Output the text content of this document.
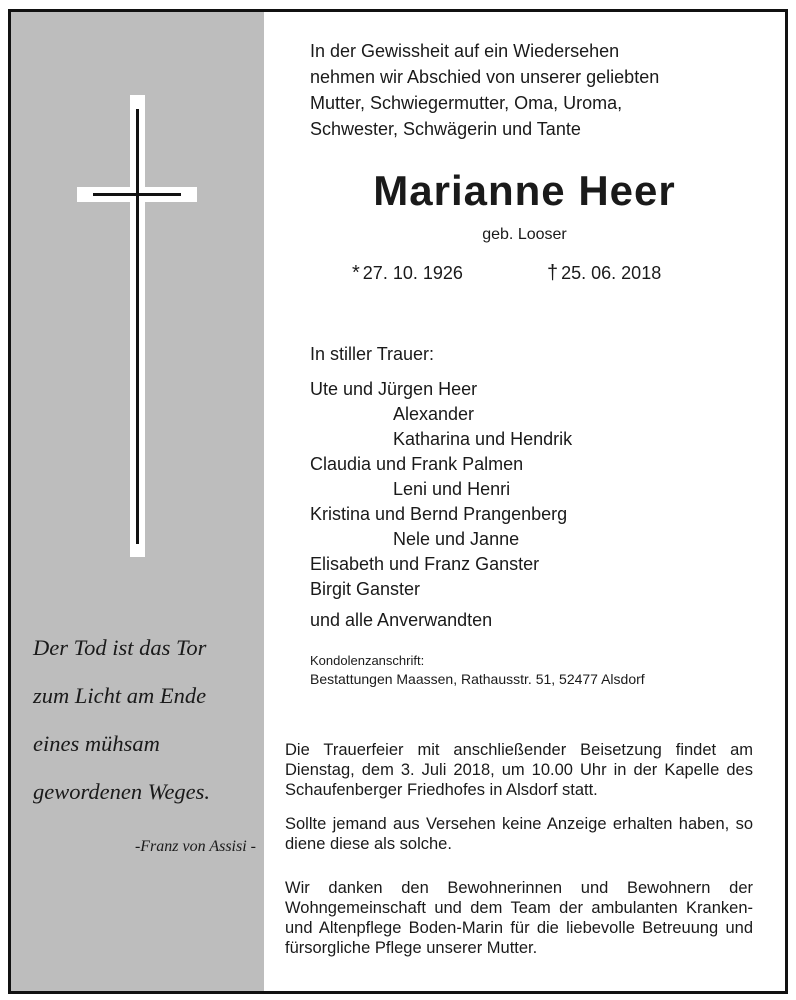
Der Tod ist das Tor
zum Licht am Ende
eines mühsam
gewordenen Weges.
-Franz von Assisi -
In der Gewissheit auf ein Wiedersehen
nehmen wir Abschied von unserer geliebten
Mutter, Schwiegermutter, Oma, Uroma,
Schwester, Schwägerin und Tante
Marianne Heer
geb. Looser
* 27. 10. 1926	† 25. 06. 2018
In stiller Trauer:
Ute und Jürgen Heer
Alexander
Katharina und Hendrik
Claudia und Frank Palmen
Leni und Henri
Kristina und Bernd Prangenberg
Nele und Janne
Elisabeth und Franz Ganster
Birgit Ganster
und alle Anverwandten
Kondolenzanschrift:
Bestattungen Maassen, Rathausstr. 51, 52477 Alsdorf
Die Trauerfeier mit anschließender Beisetzung findet am Dienstag, dem 3. Juli 2018, um 10.00 Uhr in der Kapelle des Schaufenberger Friedhofes in Alsdorf statt.
Sollte jemand aus Versehen keine Anzeige erhalten haben, so diene diese als solche.
Wir danken den Bewohnerinnen und Bewohnern der Wohngemeinschaft und dem Team der ambulanten Kranken- und Altenpflege Boden-Marin für die liebevolle Betreuung und fürsorgliche Pflege unserer Mutter.
